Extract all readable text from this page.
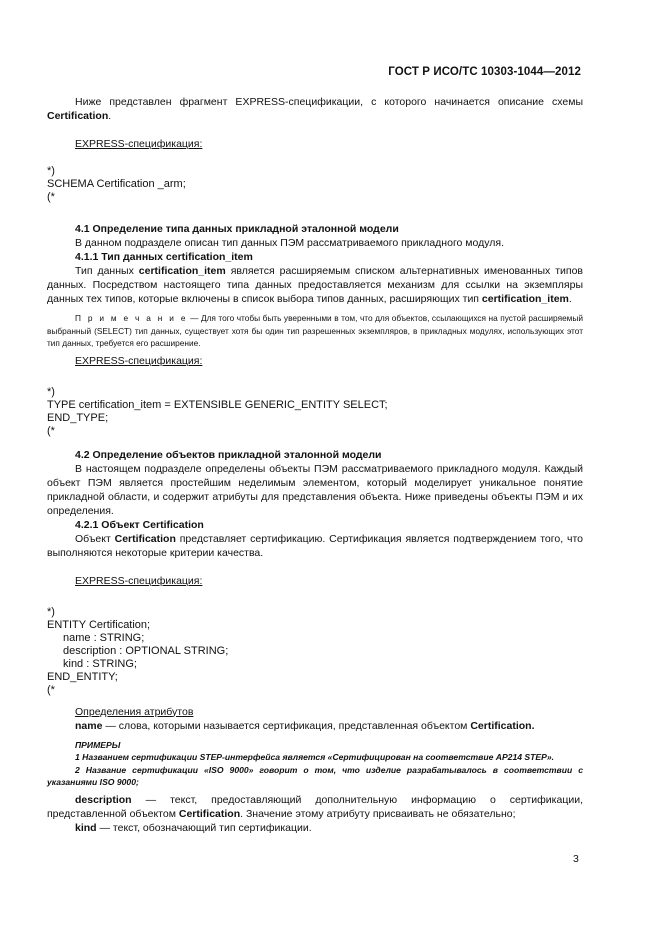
ГОСТ Р ИСО/ТС 10303-1044—2012

Ниже представлен фрагмент EXPRESS-спецификации, с которого начинается описание схемы Certification.

EXPRESS-спецификация:

*)

SCHEMA Certification _arm;

(*

4.1 Определение типа данных прикладной эталонной модели

В данном подразделе описан тип данных ПЭМ рассматриваемого прикладного модуля.

4.1.1 Тип данных certification_item

Тип данных certification_item является расширяемым списком альтернативных именованных типов данных. Посредством настоящего типа данных предоставляется механизм для ссылки на экземпляры данных тех типов, которые включены в список выбора типов данных, расширяющих тип certification_item.

П р и м е ч а н и е — Для того чтобы быть уверенными в том, что для объектов, ссылающихся на пустой расширяемый выбранный (SELECT) тип данных, существует хотя бы один тип разрешенных экземпляров, в прикладных модулях, использующих этот тип данных, требуется его расширение.

EXPRESS-спецификация:

*)

TYPE certification_item = EXTENSIBLE GENERIC_ENTITY SELECT;

END_TYPE;

(*

4.2 Определение объектов прикладной эталонной модели

В настоящем подразделе определены объекты ПЭМ рассматриваемого прикладного модуля. Каждый объект ПЭМ является простейшим неделимым элементом, который моделирует уникальное понятие прикладной области, и содержит атрибуты для представления объекта. Ниже приведены объекты ПЭМ и их определения.

4.2.1 Объект Certification

Объект Certification представляет сертификацию. Сертификация является подтверждением того, что выполняются некоторые критерии качества.

EXPRESS-спецификация:

*)

ENTITY Certification;

name : STRING;

description : OPTIONAL STRING;

kind : STRING;

END_ENTITY;

(*

Определения атрибутов

name — слова, которыми называется сертификация, представленная объектом Certification.

ПРИМЕРЫ

1 Названием сертификации STEP-интерфейса является «Сертифицирован на соответствие AP214 STEP».

2 Название сертификации «ISO 9000» говорит о том, что изделие разрабатывалось в соответствии с указаниями ISO 9000;

description — текст, предоставляющий дополнительную информацию о сертификации, представленной объектом Certification. Значение этому атрибуту присваивать не обязательно;

kind — текст, обозначающий тип сертификации.

3
